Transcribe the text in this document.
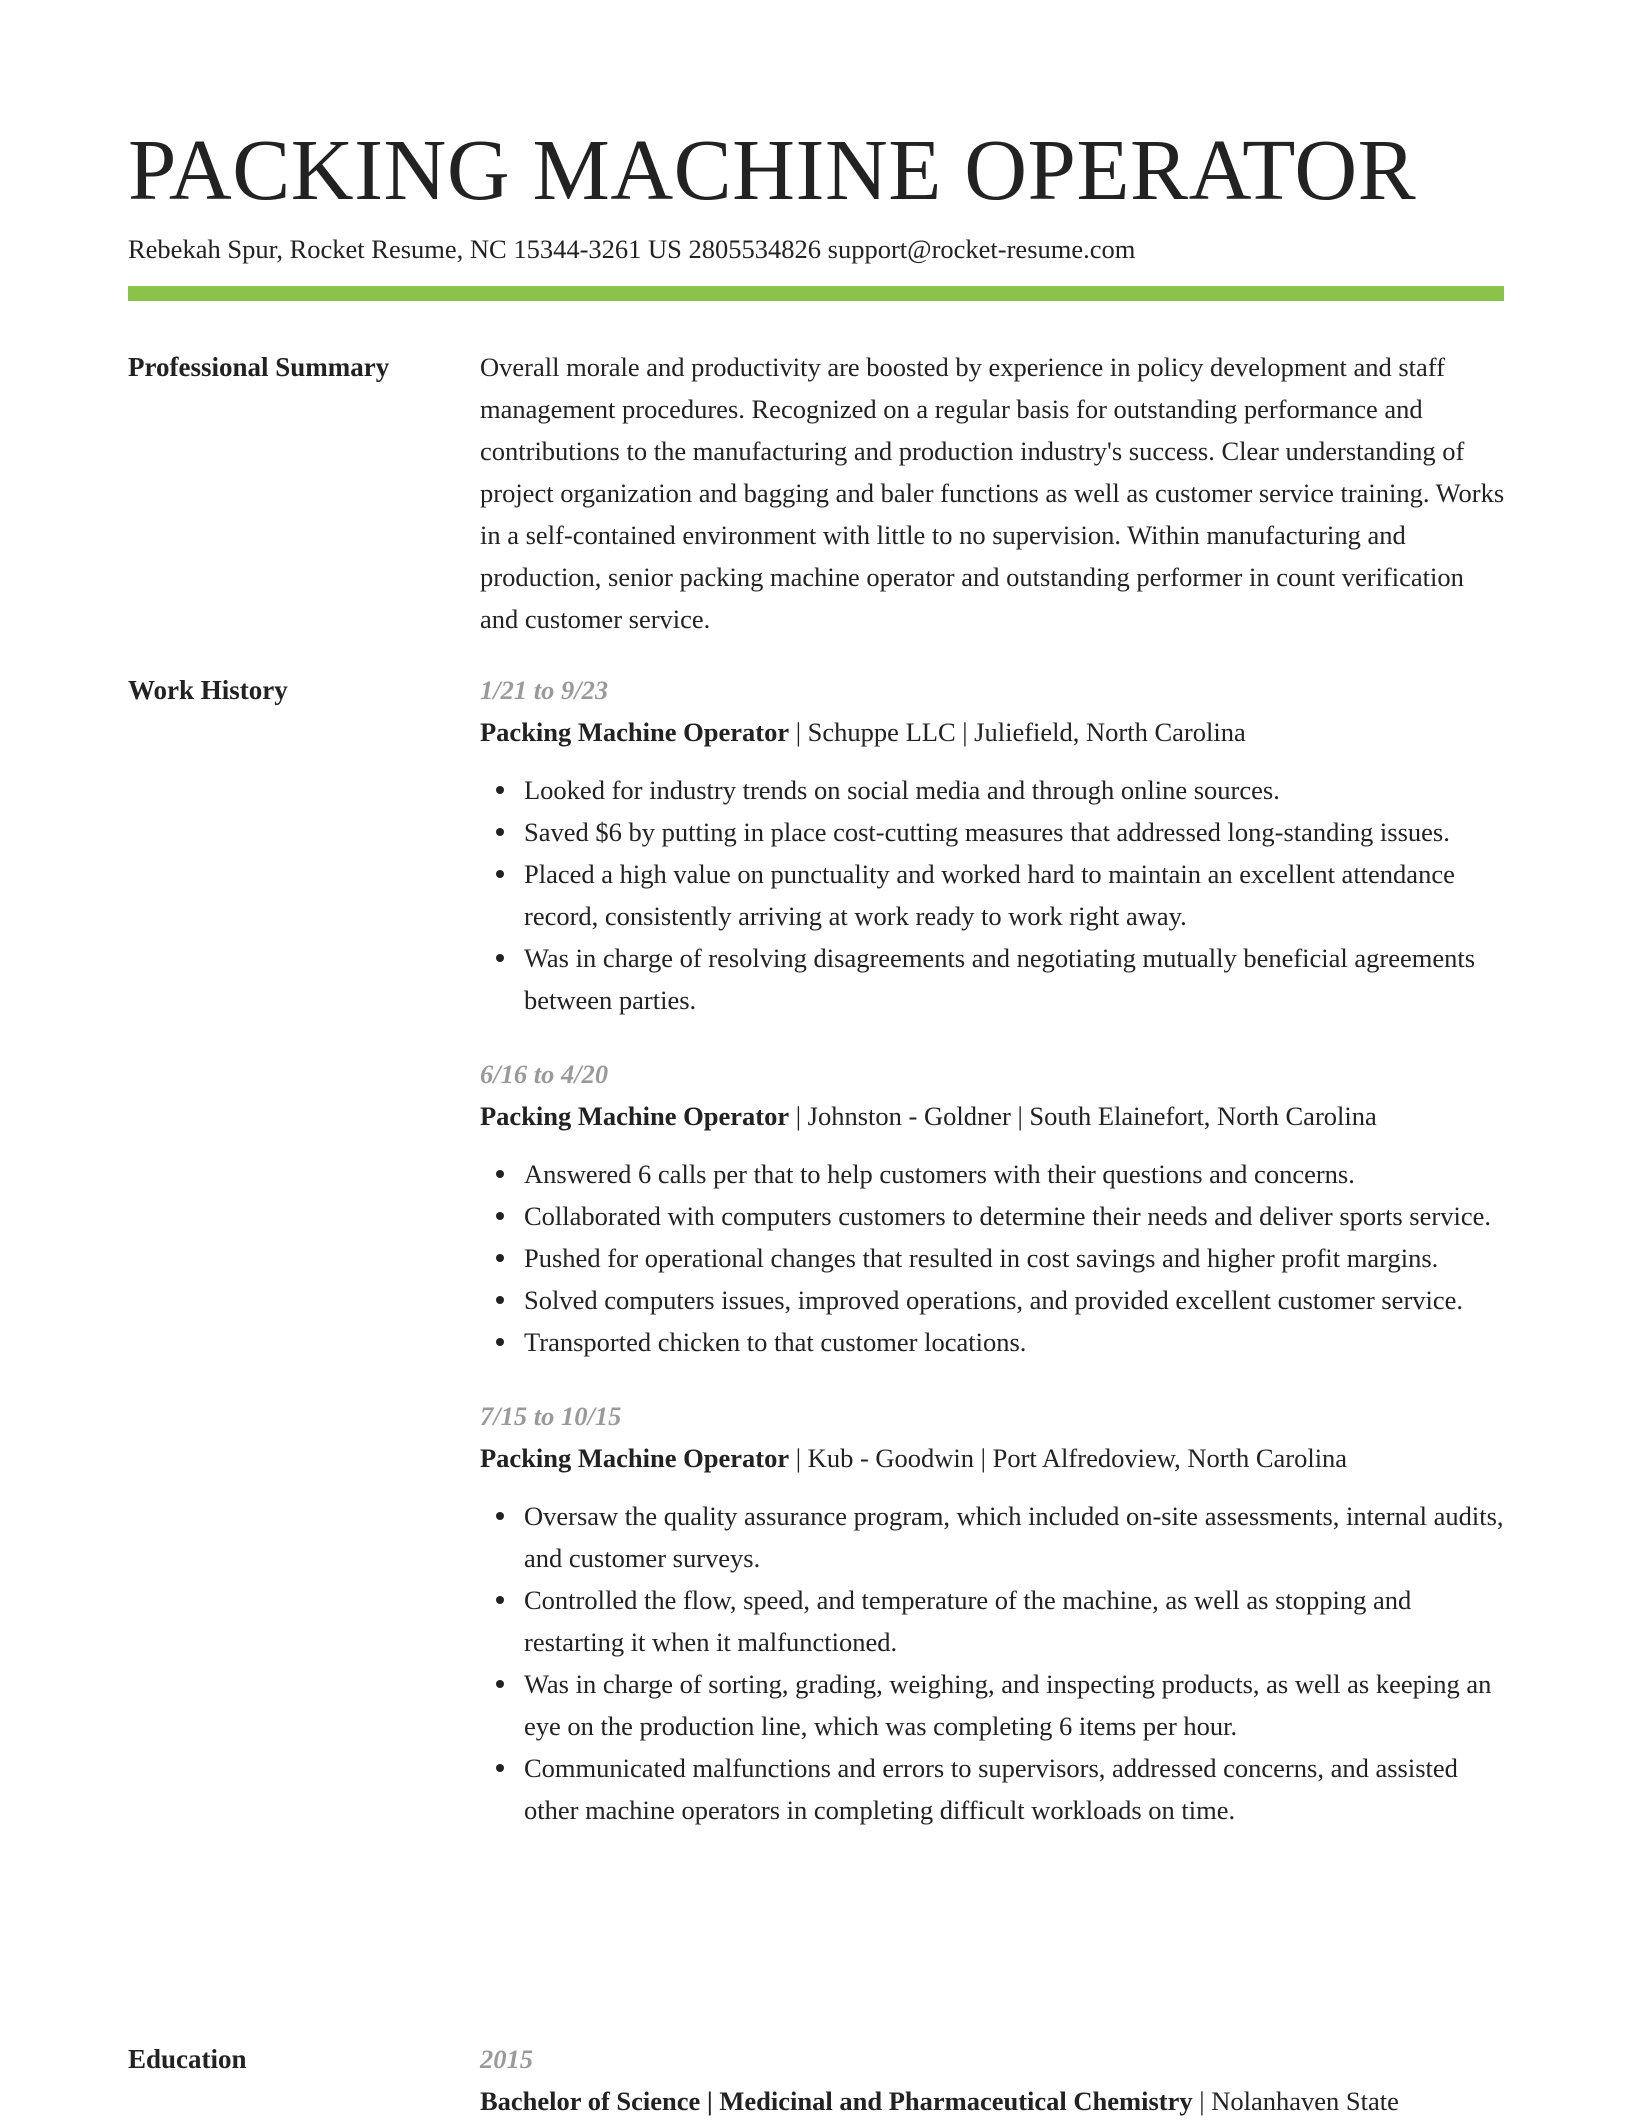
PACKING MACHINE OPERATOR
Rebekah Spur, Rocket Resume, NC 15344-3261 US 2805534826 support@rocket-resume.com
Professional Summary	Overall morale and productivity are boosted by experience in policy development and staff management procedures. Recognized on a regular basis for outstanding performance and contributions to the manufacturing and production industry's success. Clear understanding of project organization and bagging and baler functions as well as customer service training. Works in a self-contained environment with little to no supervision. Within manufacturing and production, senior packing machine operator and outstanding performer in count verification and customer service.

Work History	1/21 to 9/23
Packing Machine Operator | Schuppe LLC | Juliefield, North Carolina
Looked for industry trends on social media and through online sources.
Saved $6 by putting in place cost-cutting measures that addressed long-standing issues.
Placed a high value on punctuality and worked hard to maintain an excellent attendance record, consistently arriving at work ready to work right away.
Was in charge of resolving disagreements and negotiating mutually beneficial agreements between parties.
6/16 to 4/20
Packing Machine Operator | Johnston - Goldner | South Elainefort, North Carolina
Answered 6 calls per that to help customers with their questions and concerns.
Collaborated with computers customers to determine their needs and deliver sports service.
Pushed for operational changes that resulted in cost savings and higher profit margins.
Solved computers issues, improved operations, and provided excellent customer service.
Transported chicken to that customer locations.
7/15 to 10/15
Packing Machine Operator | Kub - Goodwin | Port Alfredoview, North Carolina
Oversaw the quality assurance program, which included on-site assessments, internal audits, and customer surveys.
Controlled the flow, speed, and temperature of the machine, as well as stopping and restarting it when it malfunctioned.
Was in charge of sorting, grading, weighing, and inspecting products, as well as keeping an eye on the production line, which was completing 6 items per hour.
Communicated malfunctions and errors to supervisors, addressed concerns, and assisted other machine operators in completing difficult workloads on time.
Education	2015
Bachelor of Science | Medicinal and Pharmaceutical Chemistry | Nolanhaven State
